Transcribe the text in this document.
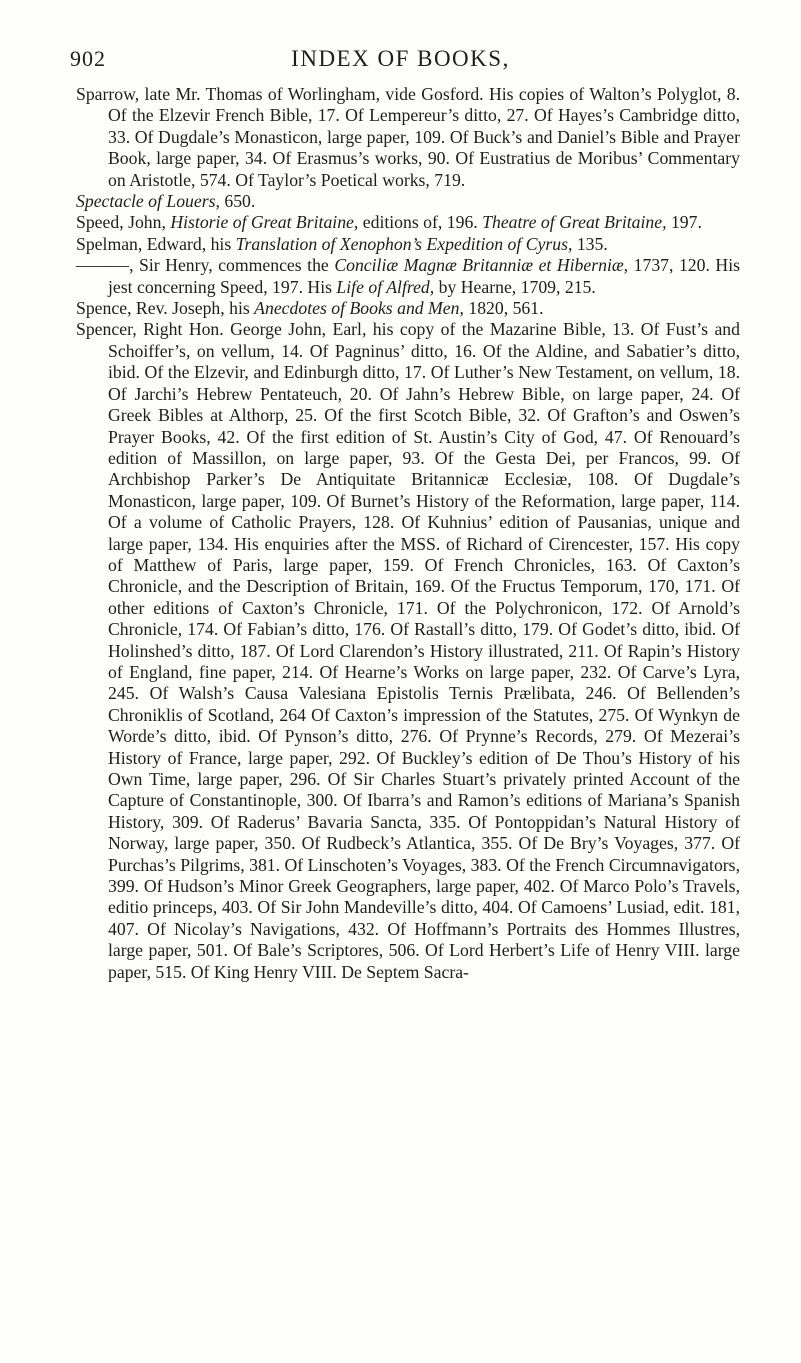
902	INDEX OF BOOKS,

Sparrow, late Mr. Thomas of Worlingham, vide Gosford. His copies of Walton’s Polyglot, 8. Of the Elzevir French Bible, 17. Of Lempereur’s ditto, 27. Of Hayes’s Cambridge ditto, 33. Of Dugdale’s Monasticon, large paper, 109. Of Buck’s and Daniel’s Bible and Prayer Book, large paper, 34. Of Erasmus’s works, 90. Of Eustratius de Moribus’ Commentary on Aristotle, 574. Of Taylor’s Poetical works, 719.

Spectacle of Louers, 650.

Speed, John, Historie of Great Britaine, editions of, 196. Theatre of Great Britaine, 197.

Spelman, Edward, his Translation of Xenophon’s Expedition of Cyrus, 135.

———, Sir Henry, commences the Conciliæ Magnæ Britanniæ et Hiberniæ, 1737, 120. His jest concerning Speed, 197. His Life of Alfred, by Hearne, 1709, 215.

Spence, Rev. Joseph, his Anecdotes of Books and Men, 1820, 561.

Spencer, Right Hon. George John, Earl, his copy of the Mazarine Bible, 13. Of Fust’s and Schoiffer’s, on vellum, 14. Of Pagninus’ ditto, 16. Of the Aldine, and Sabatier’s ditto, ibid. Of the Elzevir, and Edinburgh ditto, 17. Of Luther’s New Testament, on vellum, 18. Of Jarchi’s Hebrew Pentateuch, 20. Of Jahn’s Hebrew Bible, on large paper, 24. Of Greek Bibles at Althorp, 25. Of the first Scotch Bible, 32. Of Grafton’s and Oswen’s Prayer Books, 42. Of the first edition of St. Austin’s City of God, 47. Of Renouard’s edition of Massillon, on large paper, 93. Of the Gesta Dei, per Francos, 99. Of Archbishop Parker’s De Antiquitate Britannicæ Ecclesiæ, 108. Of Dugdale’s Monasticon, large paper, 109. Of Burnet’s History of the Reformation, large paper, 114. Of a volume of Catholic Prayers, 128. Of Kuhnius’ edition of Pausanias, unique and large paper, 134. His enquiries after the MSS. of Richard of Cirencester, 157. His copy of Matthew of Paris, large paper, 159. Of French Chronicles, 163. Of Caxton’s Chronicle, and the Description of Britain, 169. Of the Fructus Temporum, 170, 171. Of other editions of Caxton’s Chronicle, 171. Of the Polychronicon, 172. Of Arnold’s Chronicle, 174. Of Fabian’s ditto, 176. Of Rastall’s ditto, 179. Of Godet’s ditto, ibid. Of Holinshed’s ditto, 187. Of Lord Clarendon’s History illustrated, 211. Of Rapin’s History of England, fine paper, 214. Of Hearne’s Works on large paper, 232. Of Carve’s Lyra, 245. Of Walsh’s Causa Valesiana Epistolis Ternis Prælibata, 246. Of Bellenden’s Chroniklis of Scotland, 264 Of Caxton’s impression of the Statutes, 275. Of Wynkyn de Worde’s ditto, ibid. Of Pynson’s ditto, 276. Of Prynne’s Records, 279. Of Mezerai’s History of France, large paper, 292. Of Buckley’s edition of De Thou’s History of his Own Time, large paper, 296. Of Sir Charles Stuart’s privately printed Account of the Capture of Constantinople, 300. Of Ibarra’s and Ramon’s editions of Mariana’s Spanish History, 309. Of Raderus’ Bavaria Sancta, 335. Of Pontoppidan’s Natural History of Norway, large paper, 350. Of Rudbeck’s Atlantica, 355. Of De Bry’s Voyages, 377. Of Purchas’s Pilgrims, 381. Of Linschoten’s Voyages, 383. Of the French Circumnavigators, 399. Of Hudson’s Minor Greek Geographers, large paper, 402. Of Marco Polo’s Travels, editio princeps, 403. Of Sir John Mandeville’s ditto, 404. Of Camoens’ Lusiad, edit. 181, 407. Of Nicolay’s Navigations, 432. Of Hoffmann’s Portraits des Hommes Illustres, large paper, 501. Of Bale’s Scriptores, 506. Of Lord Herbert’s Life of Henry VIII. large paper, 515. Of King Henry VIII. De Septem Sacra-
